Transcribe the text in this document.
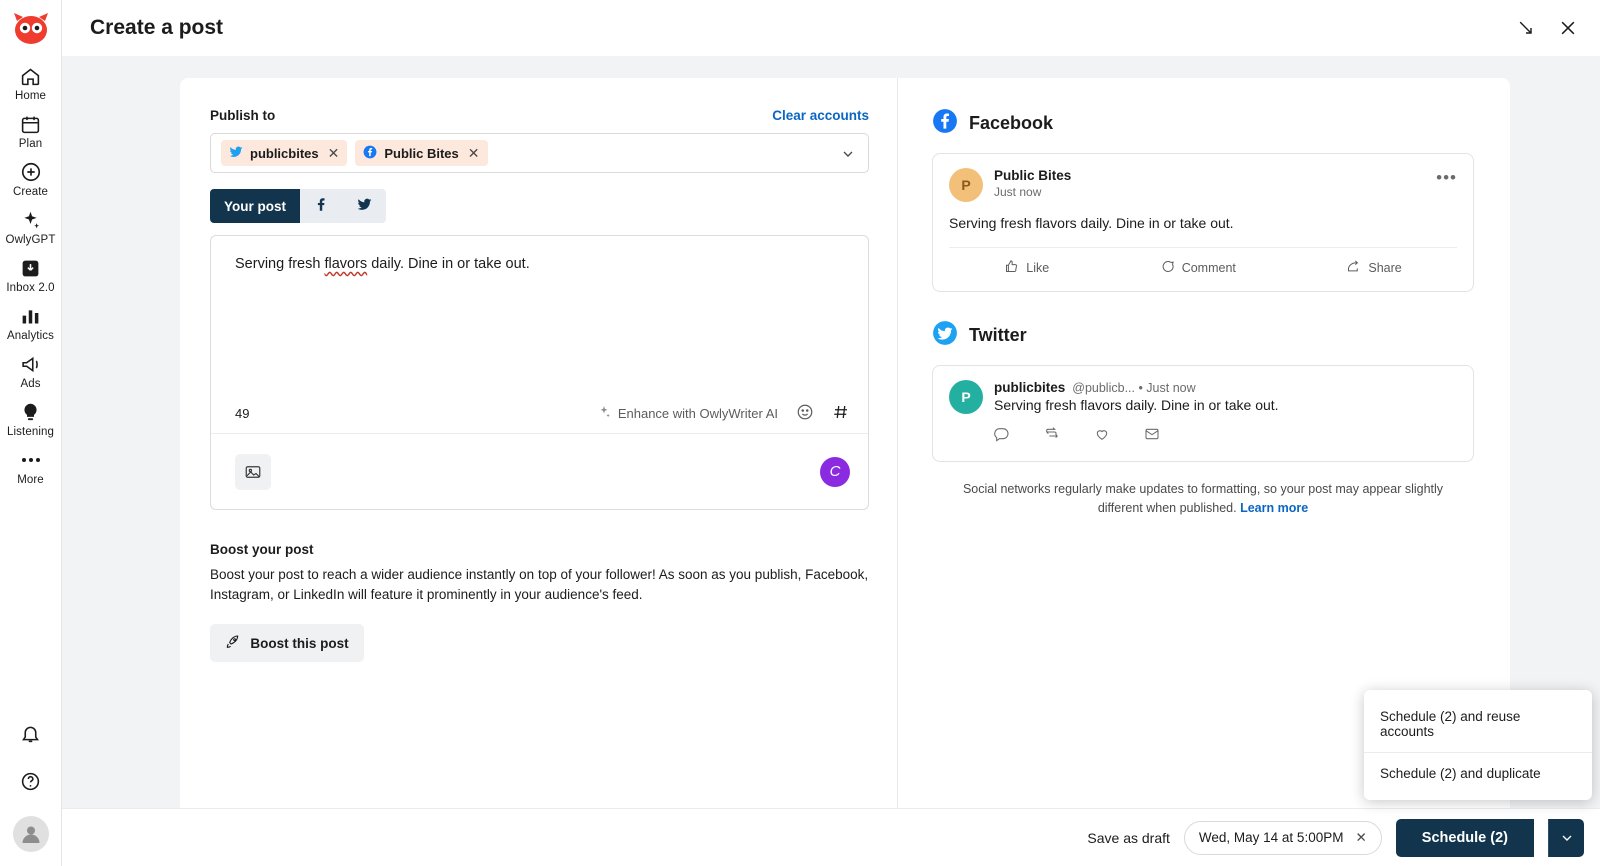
Home
Plan
Create
OwlyGPT
Inbox 2.0
Analytics
Ads
Listening
More
Create a post
Publish to	Clear accounts
publicbites ✕	Public Bites ✕
Your post
Serving fresh flavors daily. Dine in or take out.
49	Enhance with OwlyWriter AI
C
Boost your post
Boost your post to reach a wider audience instantly on top of your follower! As soon as you publish, Facebook, Instagram, or LinkedIn will feature it prominently in your audience's feed.
Boost this post
Facebook
P
Public Bites
Just now
•••
Serving fresh flavors daily. Dine in or take out.
Like	Comment	Share
Twitter
P
publicbites @publicb... • Just now
Serving fresh flavors daily. Dine in or take out.
Social networks regularly make updates to formatting, so your post may appear slightly different when published. Learn more
Save as draft Wed, May 14 at 5:00PM ✕	Schedule (2)
Schedule (2) and reuse accounts
Schedule (2) and duplicate
